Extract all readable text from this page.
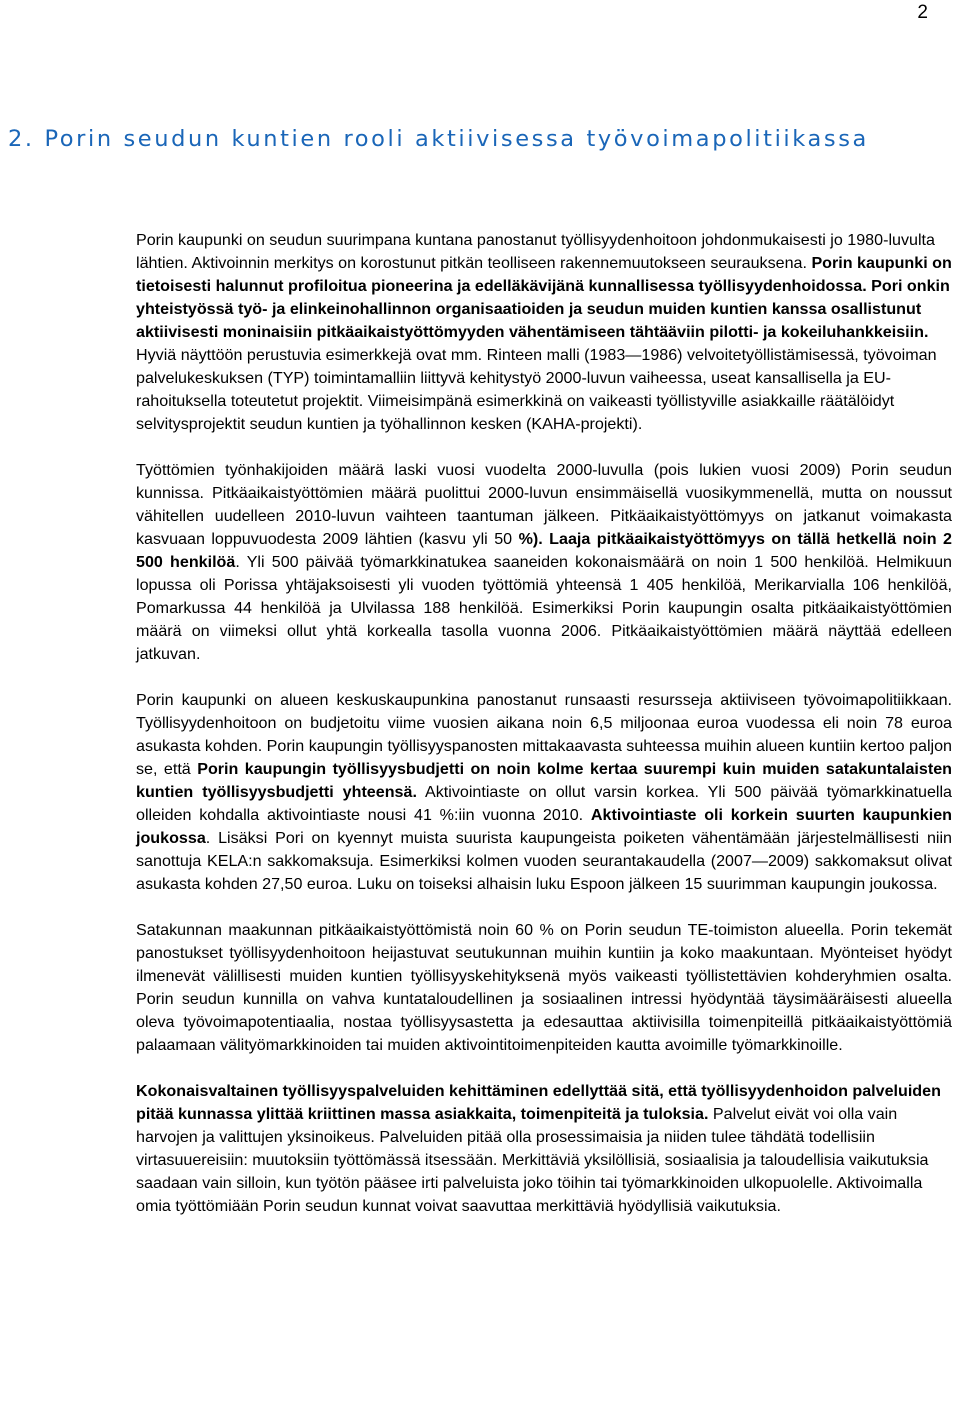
2
2. Porin seudun kuntien rooli aktiivisessa työvoimapolitiikassa

Porin kaupunki on seudun suurimpana kuntana panostanut työllisyydenhoitoon johdonmukaisesti jo 1980-luvulta lähtien. Aktivoinnin merkitys on korostunut pitkän teolliseen rakennemuutokseen seurauksena. Porin kaupunki on tietoisesti halunnut profiloitua pioneerina ja edelläkävijänä kunnallisessa työllisyydenhoidossa. Pori onkin yhteistyössä työ- ja elinkeinohallinnon organisaatioiden ja seudun muiden kuntien kanssa osallistunut aktiivisesti moninaisiin pitkäaikaistyöttömyyden vähentämiseen tähtääviin pilotti- ja kokeiluhankkeisiin. Hyviä näyttöön perustuvia esimerkkejä ovat mm. Rinteen malli (1983—1986) velvoitetyöllistämisessä, työvoiman palvelukeskuksen (TYP) toimintamalliin liittyvä kehitystyö 2000-luvun vaiheessa, useat kansallisella ja EU-rahoituksella toteutetut projektit. Viimeisimpänä esimerkkinä on vaikeasti työllistyville asiakkaille räätälöidyt selvitysprojektit seudun kuntien ja työhallinnon kesken (KAHA-projekti).

Työttömien työnhakijoiden määrä laski vuosi vuodelta 2000-luvulla (pois lukien vuosi 2009) Porin seudun kunnissa. Pitkäaikaistyöttömien määrä puolittui 2000-luvun ensimmäisellä vuosikymmenellä, mutta on noussut vähitellen uudelleen 2010-luvun vaihteen taantuman jälkeen. Pitkäaikaistyöttömyys on jatkanut voimakasta kasvuaan loppuvuodesta 2009 lähtien (kasvu yli 50 %). Laaja pitkäaikaistyöttömyys on tällä hetkellä noin 2 500 henkilöä. Yli 500 päivää työmarkkinatukea saaneiden kokonaismäärä on noin 1 500 henkilöä. Helmikuun lopussa oli Porissa yhtäjaksoisesti yli vuoden työttömiä yhteensä 1 405 henkilöä, Merikarvialla 106 henkilöä, Pomarkussa 44 henkilöä ja Ulvilassa 188 henkilöä. Esimerkiksi Porin kaupungin osalta pitkäaikaistyöttömien määrä on viimeksi ollut yhtä korkealla tasolla vuonna 2006. Pitkäaikaistyöttömien määrä näyttää edelleen jatkuvan.

Porin kaupunki on alueen keskuskaupunkina panostanut runsaasti resursseja aktiiviseen työvoimapolitiikkaan. Työllisyydenhoitoon on budjetoitu viime vuosien aikana noin 6,5 miljoonaa euroa vuodessa eli noin 78 euroa asukasta kohden. Porin kaupungin työllisyyspanosten mittakaavasta suhteessa muihin alueen kuntiin kertoo paljon se, että Porin kaupungin työllisyysbudjetti on noin kolme kertaa suurempi kuin muiden satakuntalaisten kuntien työllisyysbudjetti yhteensä. Aktivointiaste on ollut varsin korkea. Yli 500 päivää työmarkkinatuella olleiden kohdalla aktivointiaste nousi 41 %:iin vuonna 2010. Aktivointiaste oli korkein suurten kaupunkien joukossa. Lisäksi Pori on kyennyt muista suurista kaupungeista poiketen vähentämään järjestelmällisesti niin sanottuja KELA:n sakkomaksuja. Esimerkiksi kolmen vuoden seurantakaudella (2007—2009) sakkomaksut olivat asukasta kohden 27,50 euroa. Luku on toiseksi alhaisin luku Espoon jälkeen 15 suurimman kaupungin joukossa.

Satakunnan maakunnan pitkäaikaistyöttömistä noin 60 % on Porin seudun TE-toimiston alueella. Porin tekemät panostukset työllisyydenhoitoon heijastuvat seutukunnan muihin kuntiin ja koko maakuntaan. Myönteiset hyödyt ilmenevät välillisesti muiden kuntien työllisyyskehityksenä myös vaikeasti työllistettävien kohderyhmien osalta. Porin seudun kunnilla on vahva kuntataloudellinen ja sosiaalinen intressi hyödyntää täysimääräisesti alueella oleva työvoimapotentiaalia, nostaa työllisyysastetta ja edesauttaa aktiivisilla toimenpiteillä pitkäaikaistyöttömiä palaamaan välityömarkkinoiden tai muiden aktivointitoimenpiteiden kautta avoimille työmarkkinoille.

Kokonaisvaltainen työllisyyspalveluiden kehittäminen edellyttää sitä, että työllisyydenhoidon palveluiden pitää kunnassa ylittää kriittinen massa asiakkaita, toimenpiteitä ja tuloksia. Palvelut eivät voi olla vain harvojen ja valittujen yksinoikeus. Palveluiden pitää olla prosessimaisia ja niiden tulee tähdätä todellisiin virtasuuereisiin: muutoksiin työttömässä itsessään. Merkittäviä yksilöllisiä, sosiaalisia ja taloudellisia vaikutuksia saadaan vain silloin, kun työtön pääsee irti palveluista joko töihin tai työmarkkinoiden ulkopuolelle. Aktivoimalla omia työttömiään Porin seudun kunnat voivat saavuttaa merkittäviä hyödyllisiä vaikutuksia.
